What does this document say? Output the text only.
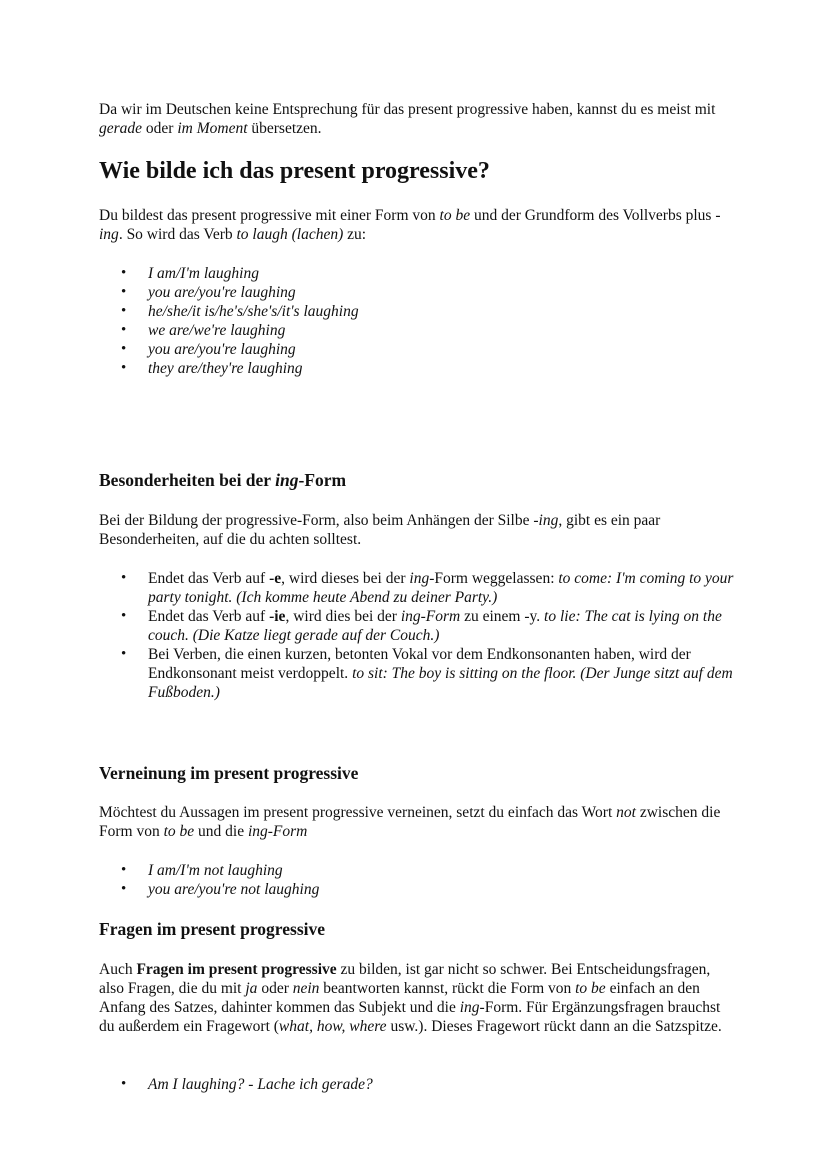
Da wir im Deutschen keine Entsprechung für das present progressive haben, kannst du es meist mit gerade oder im Moment übersetzen.

Wie bilde ich das present progressive?

Du bildest das present progressive mit einer Form von to be und der Grundform des Vollverbs plus -ing. So wird das Verb to laugh (lachen) zu:

• I am/I'm laughing
• you are/you're laughing
• he/she/it is/he's/she's/it's laughing
• we are/we're laughing
• you are/you're laughing
• they are/they're laughing
Besonderheiten bei der ing-Form

Bei der Bildung der progressive-Form, also beim Anhängen der Silbe -ing, gibt es ein paar Besonderheiten, auf die du achten solltest.

• Endet das Verb auf -e, wird dieses bei der ing-Form weggelassen: to come: I'm coming to your party tonight. (Ich komme heute Abend zu deiner Party.)
• Endet das Verb auf -ie, wird dies bei der ing-Form zu einem -y. to lie: The cat is lying on the couch. (Die Katze liegt gerade auf der Couch.)
• Bei Verben, die einen kurzen, betonten Vokal vor dem Endkonsonanten haben, wird der Endkonsonant meist verdoppelt. to sit: The boy is sitting on the floor. (Der Junge sitzt auf dem Fußboden.)
Verneinung im present progressive

Möchtest du Aussagen im present progressive verneinen, setzt du einfach das Wort not zwischen die Form von to be und die ing-Form

• I am/I'm not laughing
• you are/you're not laughing
Fragen im present progressive

Auch Fragen im present progressive zu bilden, ist gar nicht so schwer. Bei Entscheidungsfragen, also Fragen, die du mit ja oder nein beantworten kannst, rückt die Form von to be einfach an den Anfang des Satzes, dahinter kommen das Subjekt und die ing-Form. Für Ergänzungsfragen brauchst du außerdem ein Fragewort (what, how, where usw.). Dieses Fragewort rückt dann an die Satzspitze.

• Am I laughing? - Lache ich gerade?
